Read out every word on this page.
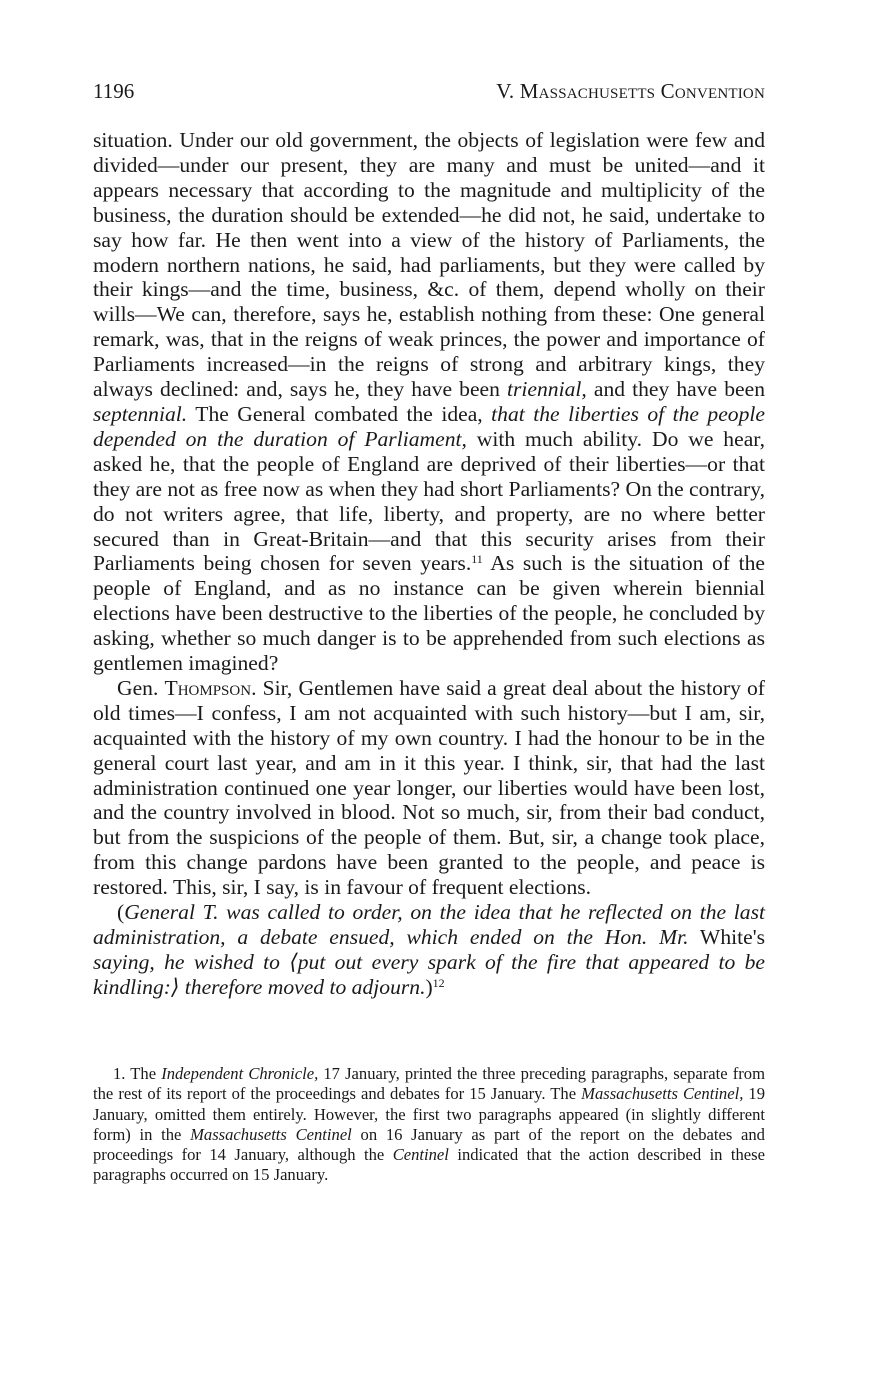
1196	V. Massachusetts Convention

situation. Under our old government, the objects of legislation were few and divided—under our present, they are many and must be united—and it appears necessary that according to the magnitude and multiplicity of the business, the duration should be extended—he did not, he said, undertake to say how far. He then went into a view of the history of Parliaments, the modern northern nations, he said, had parliaments, but they were called by their kings—and the time, business, &c. of them, depend wholly on their wills—We can, therefore, says he, establish nothing from these: One general remark, was, that in the reigns of weak princes, the power and importance of Parliaments increased—in the reigns of strong and arbitrary kings, they always declined: and, says he, they have been triennial, and they have been septennial. The General combated the idea, that the liberties of the people depended on the duration of Parliament, with much ability. Do we hear, asked he, that the people of England are deprived of their liberties—or that they are not as free now as when they had short Parliaments? On the contrary, do not writers agree, that life, liberty, and property, are no where better secured than in Great-Britain—and that this security arises from their Parliaments being chosen for seven years.$^{11}$ As such is the situation of the people of England, and as no instance can be given wherein biennial elections have been destructive to the liberties of the people, he concluded by asking, whether so much danger is to be apprehended from such elections as gentlemen imagined?

Gen. Thompson. Sir, Gentlemen have said a great deal about the history of old times—I confess, I am not acquainted with such history—but I am, sir, acquainted with the history of my own country. I had the honour to be in the general court last year, and am in it this year. I think, sir, that had the last administration continued one year longer, our liberties would have been lost, and the country involved in blood. Not so much, sir, from their bad conduct, but from the suspicions of the people of them. But, sir, a change took place, from this change pardons have been granted to the people, and peace is restored. This, sir, I say, is in favour of frequent elections.

(General T. was called to order, on the idea that he reflected on the last administration, a debate ensued, which ended on the Hon. Mr. White's saying, he wished to ⟨put out every spark of the fire that appeared to be kindling:⟩ therefore moved to adjourn.)$^{12}$

1. The Independent Chronicle, 17 January, printed the three preceding paragraphs, separate from the rest of its report of the proceedings and debates for 15 January. The Massachusetts Centinel, 19 January, omitted them entirely. However, the first two paragraphs appeared (in slightly different form) in the Massachusetts Centinel on 16 January as part of the report on the debates and proceedings for 14 January, although the Centinel indicated that the action described in these paragraphs occurred on 15 January.
